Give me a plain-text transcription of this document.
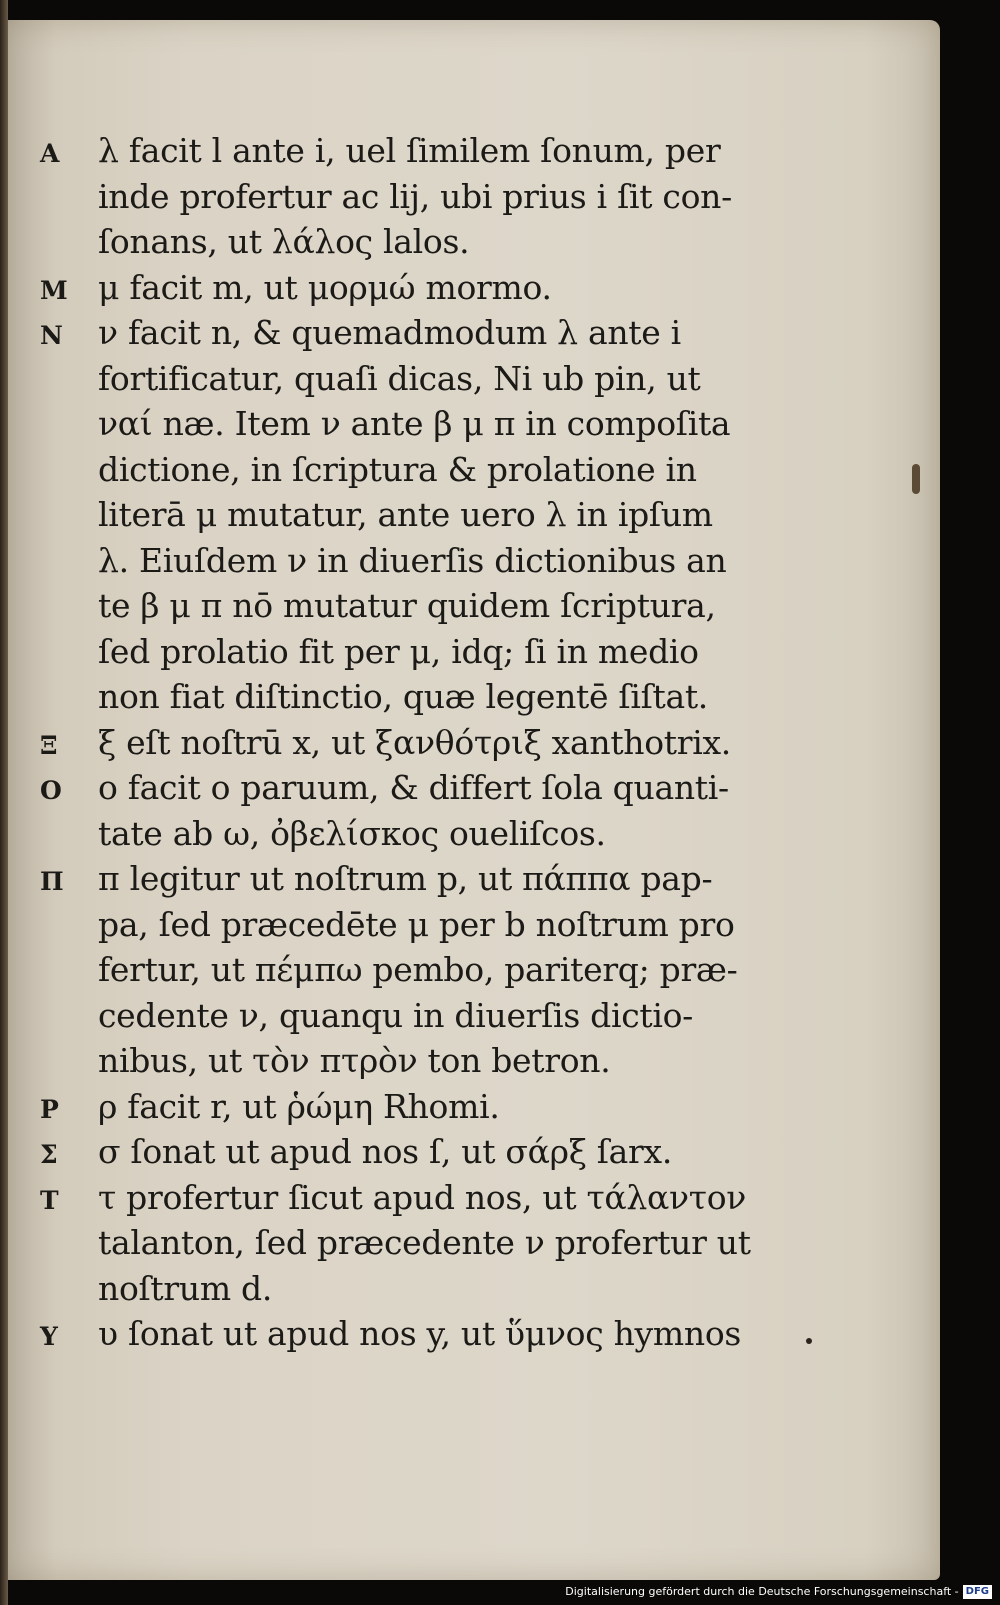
A λ facit l ante i, uel ſimilem ſonum, per
inde profertur ac lij, ubi prius i ſit con-
ſonans, ut λάλος lalos.
M μ facit m, ut μορμώ mormo.
N ν facit n, & quemadmodum λ ante i
fortificatur, quaſi dicas, Ni ub pin, ut
ναί næ. Item ν ante β μ π in compoſita
dictione, in ſcriptura & prolatione in
literā μ mutatur, ante uero λ in ipſum
λ. Eiuſdem ν in diuerſis dictionibus an
te β μ π nō mutatur quidem ſcriptura,
ſed prolatio fit per μ, idq; ſi in medio
non fiat diſtinctio, quæ legentē ſiſtat.
Ξ ξ eſt noſtrū x, ut ξανθότριξ xanthotrix.
O ο facit o paruum, & differt ſola quanti-
tate ab ω, ὀβελίσκος oueliſcos.
Π π legitur ut noſtrum p, ut πάππα pap-
pa, ſed præcedēte μ per b noſtrum pro
fertur, ut πέμπω pembo, pariterq; præ-
cedente ν, quanqu in diuerſis dictio-
nibus, ut τὸν πτρὸν ton betron.
P ρ facit r, ut ῥώμη Rhomi.
Σ σ ſonat ut apud nos ſ, ut σάρξ ſarx.
T τ profertur ſicut apud nos, ut τάλαντον
talanton, ſed præcedente ν profertur ut
noſtrum d.
Υ υ ſonat ut apud nos y, ut ὕμνος hymnos
Digitalisierung gefördert durch die Deutsche Forschungsgemeinschaft - DFG
